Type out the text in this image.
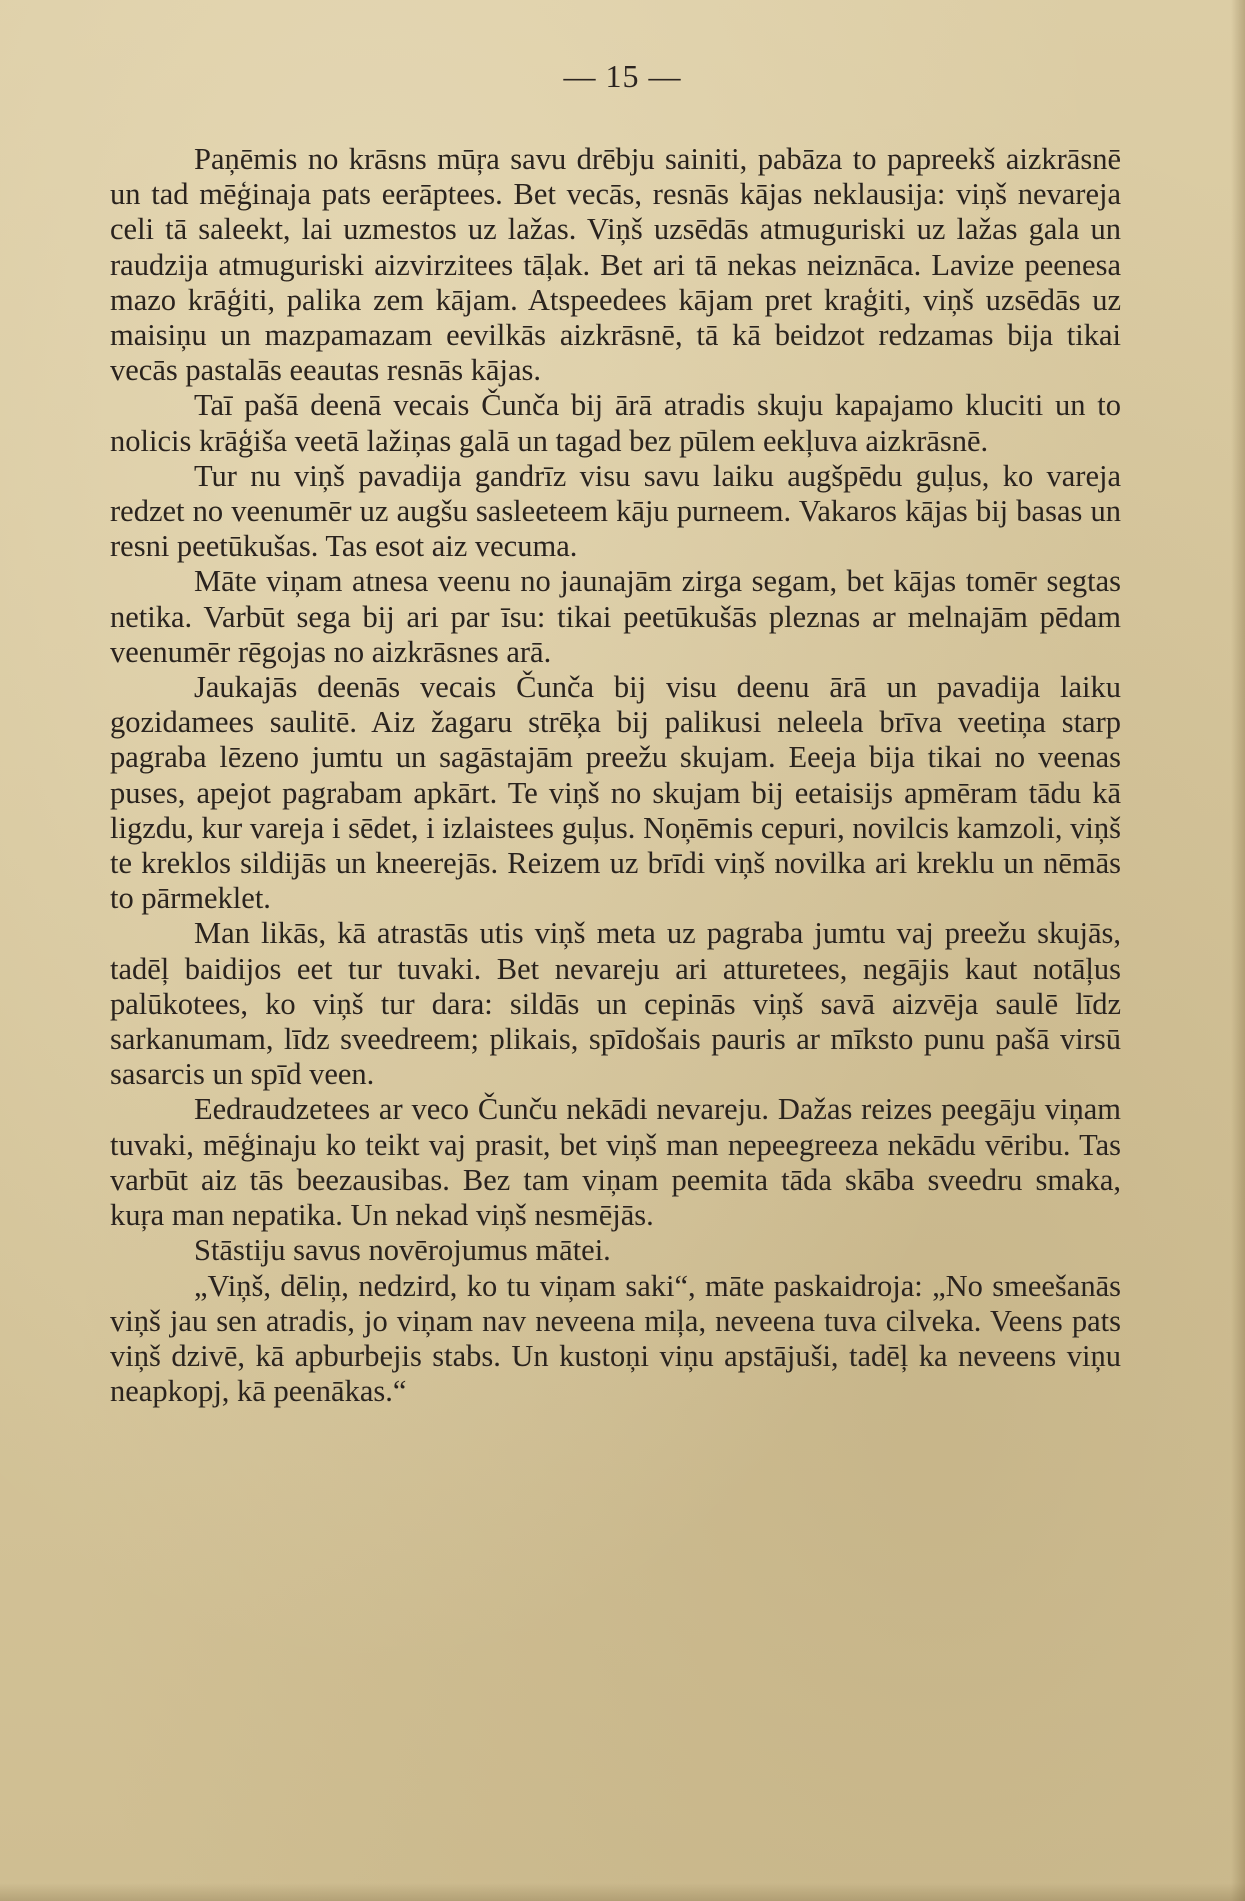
— 15 —

Paņēmis no krāsns mūŗa savu drēbju sainiti, pabāza to papreekš aizkrāsnē un tad mēģinaja pats eerāptees. Bet vecās, resnās kājas neklausija: viņš nevareja celi tā saleekt, lai uzmestos uz lažas. Viņš uzsēdās atmuguriski uz lažas gala un raudzija atmuguriski aizvirzitees tāļak. Bet ari tā nekas neiznāca. Lavize peenesa mazo krāģiti, palika zem kājam. Atspeedees kājam pret kraģiti, viņš uzsēdās uz maisiņu un mazpamazam eevilkās aizkrāsnē, tā kā beidzot redzamas bija tikai vecās pastalās eeautas resnās kājas.

Taī pašā deenā vecais Čunča bij ārā atradis skuju kapajamo kluciti un to nolicis krāģiša veetā lažiņas galā un tagad bez pūlem eekļuva aizkrāsnē.

Tur nu viņš pavadija gandrīz visu savu laiku augšpēdu guļus, ko vareja redzet no veenumēr uz augšu sasleeteem kāju purneem. Vakaros kājas bij basas un resni peetūkušas. Tas esot aiz vecuma.

Māte viņam atnesa veenu no jaunajām zirga segam, bet kājas tomēr segtas netika. Varbūt sega bij ari par īsu: tikai peetūkušās pleznas ar melnajām pēdam veenumēr rēgojas no aizkrāsnes arā.

Jaukajās deenās vecais Čunča bij visu deenu ārā un pavadija laiku gozidamees saulitē. Aiz žagaru strēķa bij palikusi neleela brīva veetiņa starp pagraba lēzeno jumtu un sagāstajām preežu skujam. Eeeja bija tikai no veenas puses, apejot pagrabam apkārt. Te viņš no skujam bij eetaisijs apmēram tādu kā ligzdu, kur vareja i sēdet, i izlaistees guļus. Noņēmis cepuri, novilcis kamzoli, viņš te kreklos sildijās un kneerejās. Reizem uz brīdi viņš novilka ari kreklu un nēmās to pārmeklet.

Man likās, kā atrastās utis viņš meta uz pagraba jumtu vaj preežu skujās, tadēļ baidijos eet tur tuvaki. Bet nevareju ari atturetees, negājis kaut notāļus palūkotees, ko viņš tur dara: sildās un cepinās viņš savā aizvēja saulē līdz sarkanumam, līdz sveedreem; plikais, spīdošais pauris ar mīksto punu pašā virsū sasarcis un spīd veen.

Eedraudzetees ar veco Čunču nekādi nevareju. Dažas reizes peegāju viņam tuvaki, mēģinaju ko teikt vaj prasit, bet viņš man nepeegreeza nekādu vēribu. Tas varbūt aiz tās beezausibas. Bez tam viņam peemita tāda skāba sveedru smaka, kuŗa man nepatika. Un nekad viņš nesmējās.

Stāstiju savus novērojumus mātei.

„Viņš, dēliņ, nedzird, ko tu viņam saki“, māte paskaidroja: „No smeešanās viņš jau sen atradis, jo viņam nav neveena miļa, neveena tuva cilveka. Veens pats viņš dzivē, kā apburbejis stabs. Un kustoņi viņu apstājuši, tadēļ ka neveens viņu neapkopj, kā peenākas.“
